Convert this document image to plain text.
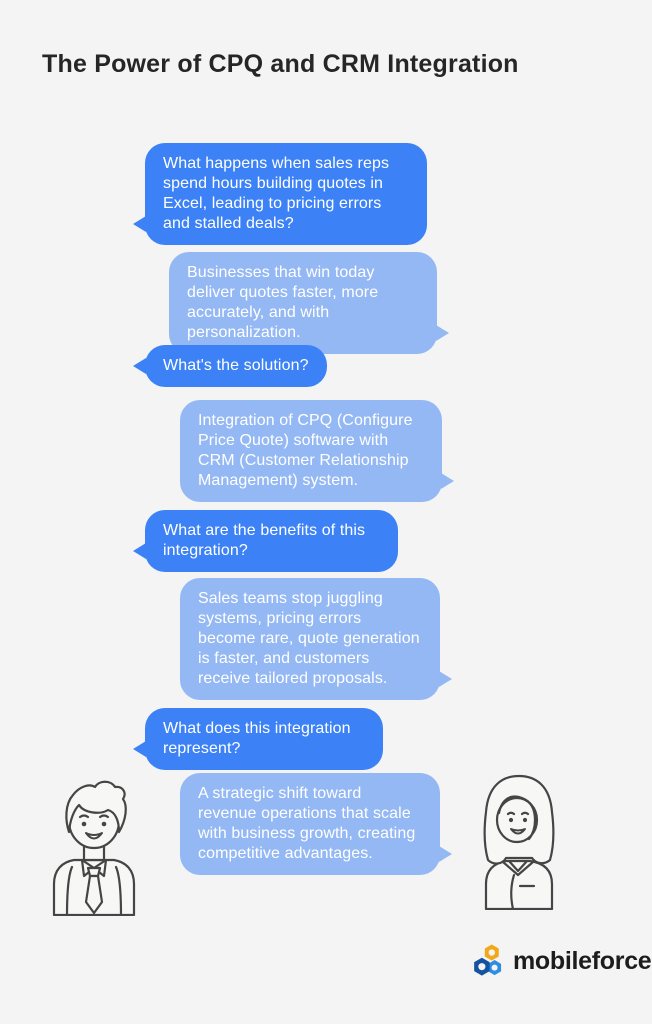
The Power of CPQ and CRM Integration
What happens when sales reps spend hours building quotes in Excel, leading to pricing errors and stalled deals?
Businesses that win today deliver quotes faster, more accurately, and with personalization.
What's the solution?
Integration of CPQ (Configure Price Quote) software with CRM (Customer Relationship Management) system.
What are the benefits of this integration?
Sales teams stop juggling systems, pricing errors become rare, quote generation is faster, and customers receive tailored proposals.
What does this integration represent?
A strategic shift toward revenue operations that scale with business growth, creating competitive advantages.
mobileforce
